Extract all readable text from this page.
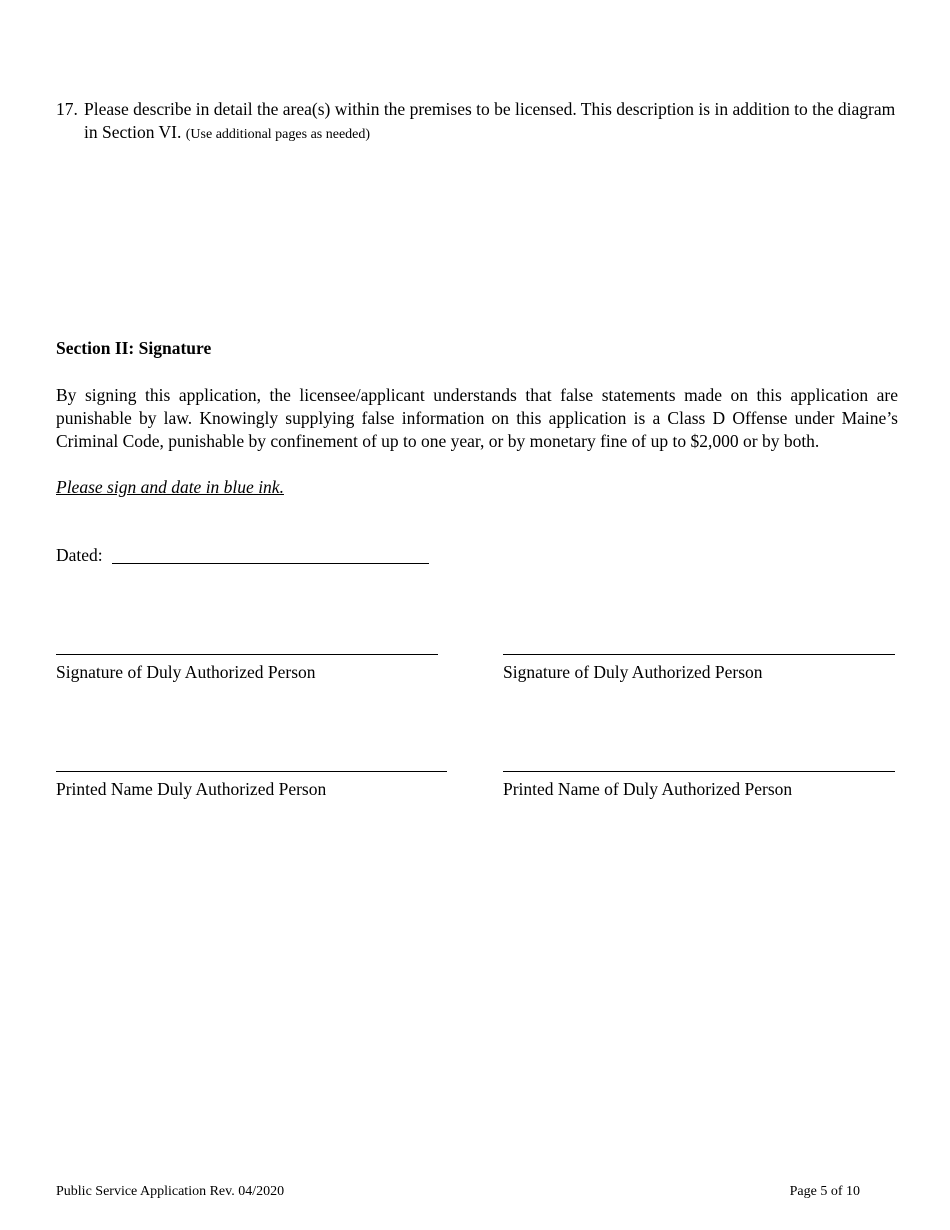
17. Please describe in detail the area(s) within the premises to be licensed. This description is in addition to the diagram in Section VI. (Use additional pages as needed)
Section II: Signature

By signing this application, the licensee/applicant understands that false statements made on this application are punishable by law. Knowingly supplying false information on this application is a Class D Offense under Maine’s Criminal Code, punishable by confinement of up to one year, or by monetary fine of up to $2,000 or by both.

Please sign and date in blue ink.
Dated:
Signature of Duly Authorized Person	Signature of Duly Authorized Person
Printed Name Duly Authorized Person	Printed Name of Duly Authorized Person
Public Service Application Rev. 04/2020	Page 5 of 10
